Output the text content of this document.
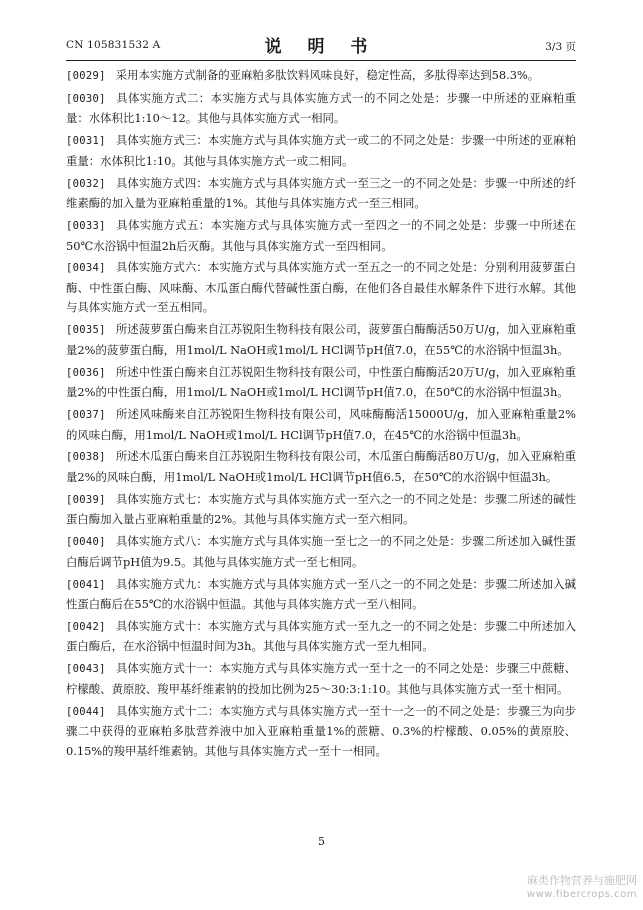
CN 105831532 A	说 明 书	3/3 页
[0029] 采用本实施方式制备的亚麻粕多肽饮料风味良好，稳定性高，多肽得率达到58.3%。
[0030] 具体实施方式二：本实施方式与具体实施方式一的不同之处是：步骤一中所述的亚麻粕重量：水体积比1:10～12。其他与具体实施方式一相同。
[0031] 具体实施方式三：本实施方式与具体实施方式一或二的不同之处是：步骤一中所述的亚麻粕重量：水体积比1:10。其他与具体实施方式一或二相同。
[0032] 具体实施方式四：本实施方式与具体实施方式一至三之一的不同之处是：步骤一中所述的纤维素酶的加入量为亚麻粕重量的1%。其他与具体实施方式一至三相同。
[0033] 具体实施方式五：本实施方式与具体实施方式一至四之一的不同之处是：步骤一中所述在50℃水浴锅中恒温2h后灭酶。其他与具体实施方式一至四相同。
[0034] 具体实施方式六：本实施方式与具体实施方式一至五之一的不同之处是：分别利用菠萝蛋白酶、中性蛋白酶、风味酶、木瓜蛋白酶代替碱性蛋白酶，在他们各自最佳水解条件下进行水解。其他与具体实施方式一至五相同。
[0035] 所述菠萝蛋白酶来自江苏锐阳生物科技有限公司，菠萝蛋白酶酶活50万U/g，加入亚麻粕重量2%的菠萝蛋白酶，用1mol/L NaOH或1mol/L HCl调节pH值7.0，在55℃的水浴锅中恒温3h。
[0036] 所述中性蛋白酶来自江苏锐阳生物科技有限公司，中性蛋白酶酶活20万U/g，加入亚麻粕重量2%的中性蛋白酶，用1mol/L NaOH或1mol/L HCl调节pH值7.0，在50℃的水浴锅中恒温3h。
[0037] 所述风味酶来自江苏锐阳生物科技有限公司，风味酶酶活15000U/g，加入亚麻粕重量2%的风味白酶，用1mol/L NaOH或1mol/L HCl调节pH值7.0，在45℃的水浴锅中恒温3h。
[0038] 所述木瓜蛋白酶来自江苏锐阳生物科技有限公司，木瓜蛋白酶酶活80万U/g，加入亚麻粕重量2%的风味白酶，用1mol/L NaOH或1mol/L HCl调节pH值6.5，在50℃的水浴锅中恒温3h。
[0039] 具体实施方式七：本实施方式与具体实施方式一至六之一的不同之处是：步骤二所述的碱性蛋白酶加入量占亚麻粕重量的2%。其他与具体实施方式一至六相同。
[0040] 具体实施方式八：本实施方式与具体实施一至七之一的不同之处是：步骤二所述加入碱性蛋白酶后调节pH值为9.5。其他与具体实施方式一至七相同。
[0041] 具体实施方式九：本实施方式与具体实施方式一至八之一的不同之处是：步骤二所述加入碱性蛋白酶后在55℃的水浴锅中恒温。其他与具体实施方式一至八相同。
[0042] 具体实施方式十：本实施方式与具体实施方式一至九之一的不同之处是：步骤二中所述加入蛋白酶后，在水浴锅中恒温时间为3h。其他与具体实施方式一至九相同。
[0043] 具体实施方式十一：本实施方式与具体实施方式一至十之一的不同之处是：步骤三中蔗糖、柠檬酸、黄原胶、羧甲基纤维素钠的投加比例为25～30:3:1:10。其他与具体实施方式一至十相同。
[0044] 具体实施方式十二：本实施方式与具体实施方式一至十一之一的不同之处是：步骤三为向步骤二中获得的亚麻粕多肽营养液中加入亚麻粕重量1%的蔗糖、0.3%的柠檬酸、0.05%的黄原胶、0.15%的羧甲基纤维素钠。其他与具体实施方式一至十一相同。
5
麻类作物营养与施肥网
www.fibercrops.com
